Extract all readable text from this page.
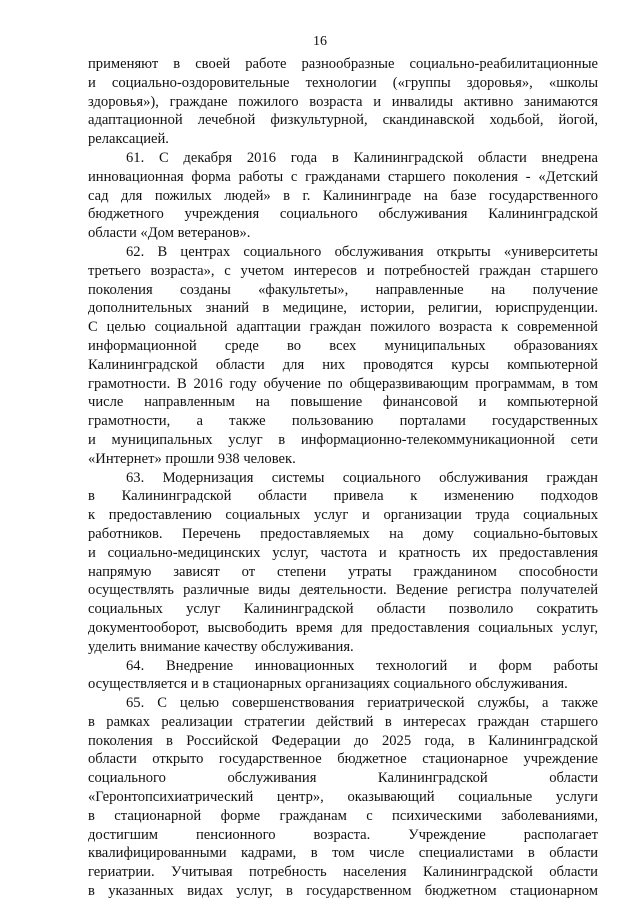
16
применяют в своей работе разнообразные социально-реабилитационные
и социально-оздоровительные технологии («группы здоровья», «школы
здоровья»), граждане пожилого возраста и инвалиды активно занимаются
адаптационной лечебной физкультурной, скандинавской ходьбой, йогой,
релаксацией.
61. С декабря 2016 года в Калининградской области внедрена
инновационная форма работы с гражданами старшего поколения - «Детский
сад для пожилых людей» в г. Калининграде на базе государственного
бюджетного учреждения социального обслуживания Калининградской
области «Дом ветеранов».
62. В центрах социального обслуживания открыты «университеты
третьего возраста», с учетом интересов и потребностей граждан старшего
поколения созданы «факультеты», направленные на получение
дополнительных знаний в медицине, истории, религии, юриспруденции.
С целью социальной адаптации граждан пожилого возраста к современной
информационной среде во всех муниципальных образованиях
Калининградской области для них проводятся курсы компьютерной
грамотности. В 2016 году обучение по общеразвивающим программам, в том
числе направленным на повышение финансовой и компьютерной
грамотности, а также пользованию порталами государственных
и муниципальных услуг в информационно-телекоммуникационной сети
«Интернет» прошли 938 человек.
63. Модернизация системы социального обслуживания граждан
в Калининградской области привела к изменению подходов
к предоставлению социальных услуг и организации труда социальных
работников. Перечень предоставляемых на дому социально-бытовых
и социально-медицинских услуг, частота и кратность их предоставления
напрямую зависят от степени утраты гражданином способности
осуществлять различные виды деятельности. Ведение регистра получателей
социальных услуг Калининградской области позволило сократить
документооборот, высвободить время для предоставления социальных услуг,
уделить внимание качеству обслуживания.
64. Внедрение инновационных технологий и форм работы
осуществляется и в стационарных организациях социального обслуживания.
65. С целью совершенствования гериатрической службы, а также
в рамках реализации стратегии действий в интересах граждан старшего
поколения в Российской Федерации до 2025 года, в Калининградской
области открыто государственное бюджетное стационарное учреждение
социального обслуживания Калининградской области
«Геронтопсихиатрический центр», оказывающий социальные услуги
в стационарной форме гражданам с психическими заболеваниями,
достигшим пенсионного возраста. Учреждение располагает
квалифицированными кадрами, в том числе специалистами в области
гериатрии. Учитывая потребность населения Калининградской области
в указанных видах услуг, в государственном бюджетном стационарном
